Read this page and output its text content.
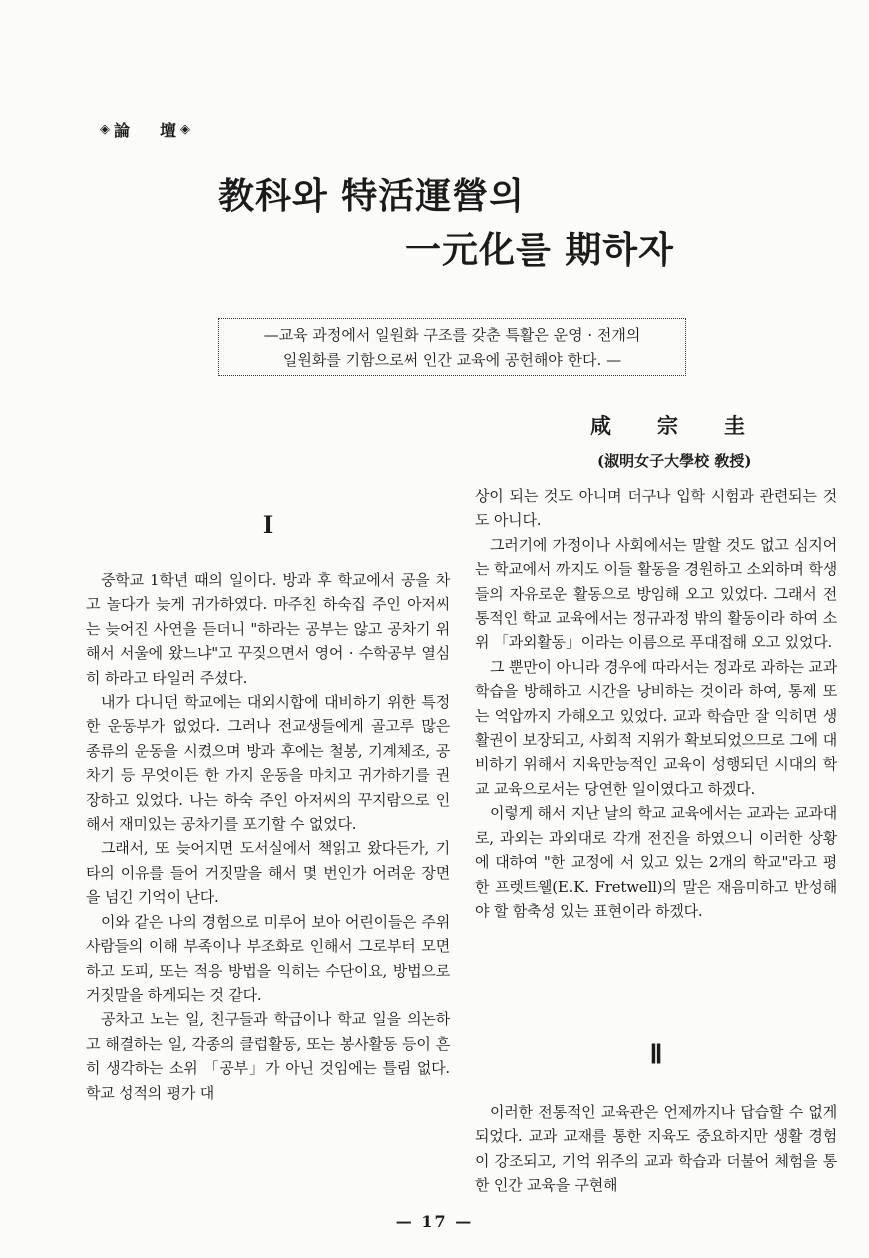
◈ 論 壇 ◈
教科와 特活運營의
一元化를 期하자
—교육 과정에서 일원화 구조를 갖춘 특활은 운영 · 전개의
일원화를 기함으로써 인간 교육에 공헌해야 한다. —
咸宗圭
(淑明女子大學校 敎授)
I

중학교 1학년 때의 일이다. 방과 후 학교에서 공을 차고 놀다가 늦게 귀가하였다. 마주친 하숙집 주인 아저씨는 늦어진 사연을 듣더니 "하라는 공부는 않고 공차기 위해서 서울에 왔느냐"고 꾸짖으면서 영어 · 수학공부 열심히 하라고 타일러 주셨다.

내가 다니던 학교에는 대외시합에 대비하기 위한 특정한 운동부가 없었다. 그러나 전교생들에게 골고루 많은 종류의 운동을 시켰으며 방과 후에는 철봉, 기계체조, 공차기 등 무엇이든 한 가지 운동을 마치고 귀가하기를 권장하고 있었다. 나는 하숙 주인 아저씨의 꾸지람으로 인해서 재미있는 공차기를 포기할 수 없었다.

그래서, 또 늦어지면 도서실에서 책읽고 왔다든가, 기타의 이유를 들어 거짓말을 해서 몇 번인가 어려운 장면을 넘긴 기억이 난다.

이와 같은 나의 경험으로 미루어 보아 어린이들은 주위 사람들의 이해 부족이나 부조화로 인해서 그로부터 모면하고 도피, 또는 적응 방법을 익히는 수단이요, 방법으로 거짓말을 하게되는 것 같다.

공차고 노는 일, 친구들과 학급이나 학교 일을 의논하고 해결하는 일, 각종의 클럽활동, 또는 봉사활동 등이 흔히 생각하는 소위 「공부」가 아닌 것임에는 틀림 없다. 학교 성적의 평가 대

상이 되는 것도 아니며 더구나 입학 시험과 관련되는 것도 아니다.

그러기에 가정이나 사회에서는 말할 것도 없고 심지어는 학교에서 까지도 이들 활동을 경원하고 소외하며 학생들의 자유로운 활동으로 방임해 오고 있었다. 그래서 전통적인 학교 교육에서는 정규과정 밖의 활동이라 하여 소위 「과외활동」이라는 이름으로 푸대접해 오고 있었다.

그 뿐만이 아니라 경우에 따라서는 정과로 과하는 교과 학습을 방해하고 시간을 낭비하는 것이라 하여, 통제 또는 억압까지 가해오고 있었다. 교과 학습만 잘 익히면 생활권이 보장되고, 사회적 지위가 확보되었으므로 그에 대비하기 위해서 지육만능적인 교육이 성행되던 시대의 학교 교육으로서는 당연한 일이였다고 하겠다.

이렇게 해서 지난 날의 학교 교육에서는 교과는 교과대로, 과외는 과외대로 각개 전진을 하였으니 이러한 상황에 대하여 "한 교정에 서 있고 있는 2개의 학교"라고 평한 프렛트웰(E.K. Fretwell)의 말은 재음미하고 반성해야 할 함축성 있는 표현이라 하겠다.

Ⅱ

이러한 전통적인 교육관은 언제까지나 답습할 수 없게 되었다. 교과 교재를 통한 지육도 중요하지만 생활 경험이 강조되고, 기억 위주의 교과 학습과 더불어 체험을 통한 인간 교육을 구현해

— 17 —
